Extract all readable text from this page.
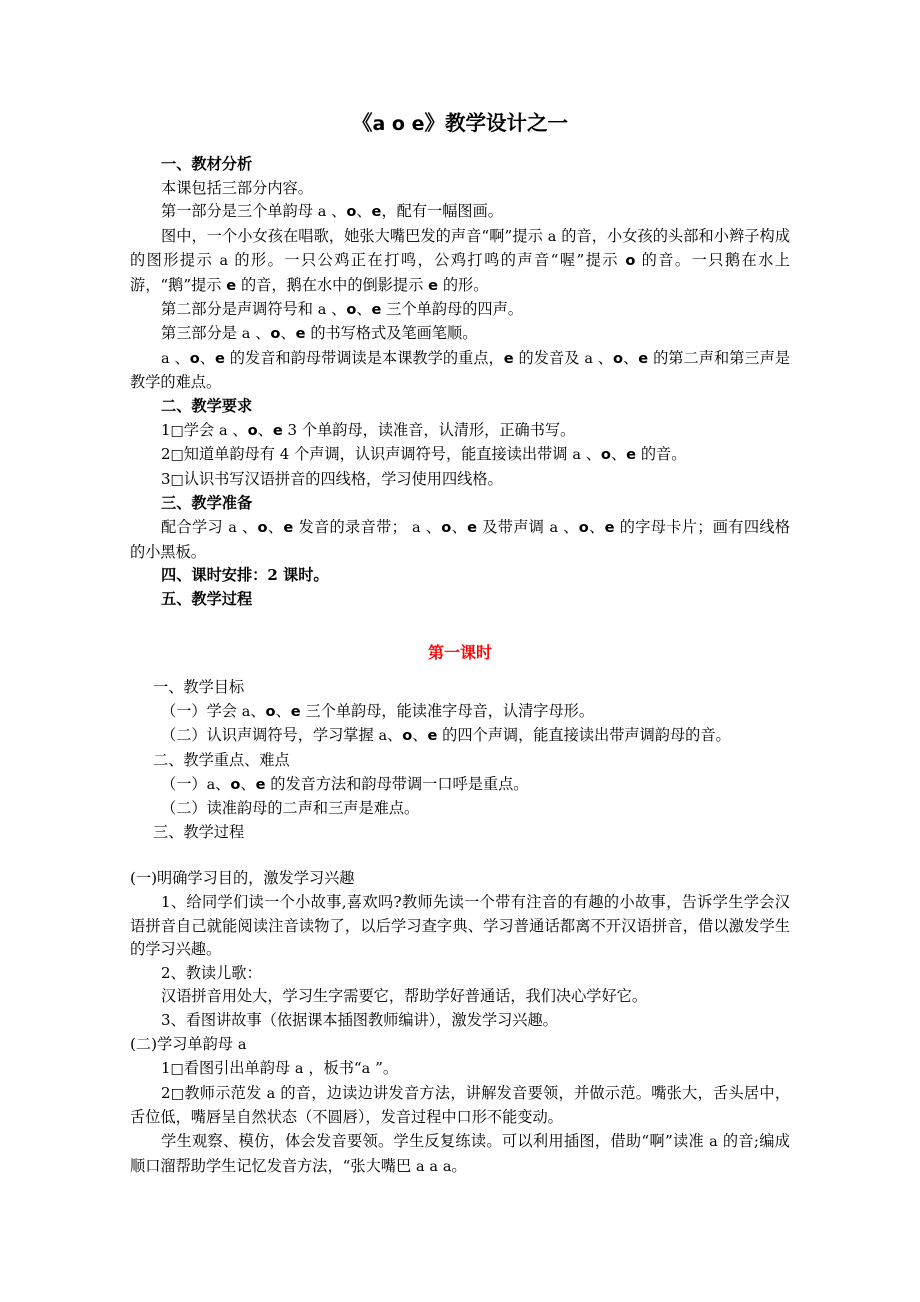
《a o e》教学设计之一

一、教材分析

本课包括三部分内容。

第一部分是三个单韵母 a 、o、e，配有一幅图画。

图中，一个小女孩在唱歌，她张大嘴巴发的声音“啊”提示 a 的音，小女孩的头部和小辫子构成的图形提示 a 的形。一只公鸡正在打鸣，公鸡打鸣的声音“喔”提示 o 的音。一只鹅在水上游，“鹅”提示 e 的音，鹅在水中的倒影提示 e 的形。

第二部分是声调符号和 a 、o、e 三个单韵母的四声。

第三部分是 a 、o、e 的书写格式及笔画笔顺。

a 、o、e 的发音和韵母带调读是本课教学的重点，e 的发音及 a 、o、e 的第二声和第三声是教学的难点。

二、教学要求

1□学会 a 、o、e 3 个单韵母，读准音，认清形，正确书写。

2□知道单韵母有 4 个声调，认识声调符号，能直接读出带调 a 、o、e 的音。

3□认识书写汉语拼音的四线格，学习使用四线格。

三、教学准备

配合学习 a 、o、e 发音的录音带； a 、o、e 及带声调 a 、o、e 的字母卡片；画有四线格的小黑板。

四、课时安排：2 课时。

五、教学过程

第一课时

一、教学目标

（一）学会 a、o、e 三个单韵母，能读准字母音，认清字母形。

（二）认识声调符号，学习掌握 a、o、e 的四个声调，能直接读出带声调韵母的音。

二、教学重点、难点

（一）a、o、e 的发音方法和韵母带调一口呼是重点。

（二）读准韵母的二声和三声是难点。

三、教学过程

(一)明确学习目的，激发学习兴趣

1、给同学们读一个小故事,喜欢吗?教师先读一个带有注音的有趣的小故事，告诉学生学会汉语拼音自己就能阅读注音读物了，以后学习查字典、学习普通话都离不开汉语拼音，借以激发学生的学习兴趣。

2、教读儿歌：

汉语拼音用处大，学习生字需要它，帮助学好普通话，我们决心学好它。

3、看图讲故事（依据课本插图教师编讲），激发学习兴趣。

(二)学习单韵母 a

1□看图引出单韵母 a ，板书“a ”。

2□教师示范发 a 的音，边读边讲发音方法，讲解发音要领，并做示范。嘴张大，舌头居中，舌位低，嘴唇呈自然状态（不圆唇），发音过程中口形不能变动。

学生观察、模仿，体会发音要领。学生反复练读。可以利用插图，借助“啊”读准 a 的音;编成顺口溜帮助学生记忆发音方法，“张大嘴巴 a a a。
